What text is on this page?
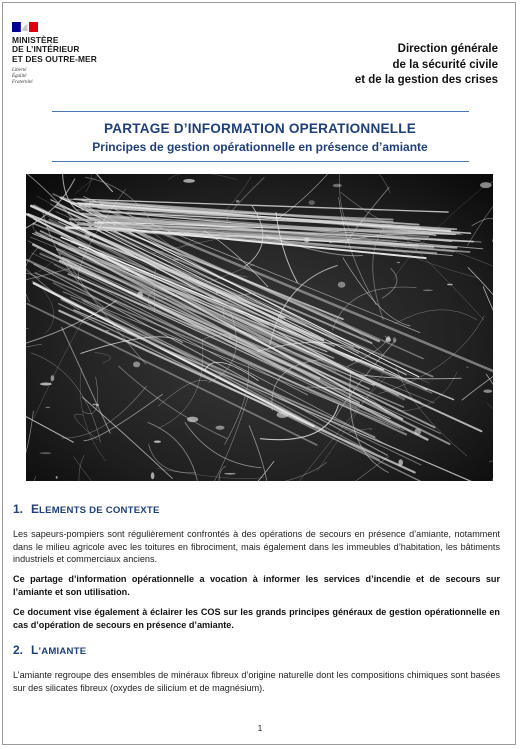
MINISTÈRE
DE L’INTÉRIEUR
ET DES OUTRE-MER
Liberté
Égalité
Fraternité
Direction générale
de la sécurité civile
et de la gestion des crises
PARTAGE D’INFORMATION OPERATIONNELLE
Principes de gestion opérationnelle en présence d’amiante
1. ELEMENTS DE CONTEXTE
Les sapeurs-pompiers sont régulièrement confrontés à des opérations de secours en présence d’amiante, notamment dans le milieu agricole avec les toitures en fibrociment, mais également dans les immeubles d’habitation, les bâtiments industriels et commerciaux anciens.
Ce partage d’information opérationnelle a vocation à informer les services d’incendie et de secours sur l’amiante et son utilisation.
Ce document vise également à éclairer les COS sur les grands principes généraux de gestion opérationnelle en cas d’opération de secours en présence d’amiante.
2. L’AMIANTE
L’amiante regroupe des ensembles de minéraux fibreux d’origine naturelle dont les compositions chimiques sont basées sur des silicates fibreux (oxydes de silicium et de magnésium).
1
